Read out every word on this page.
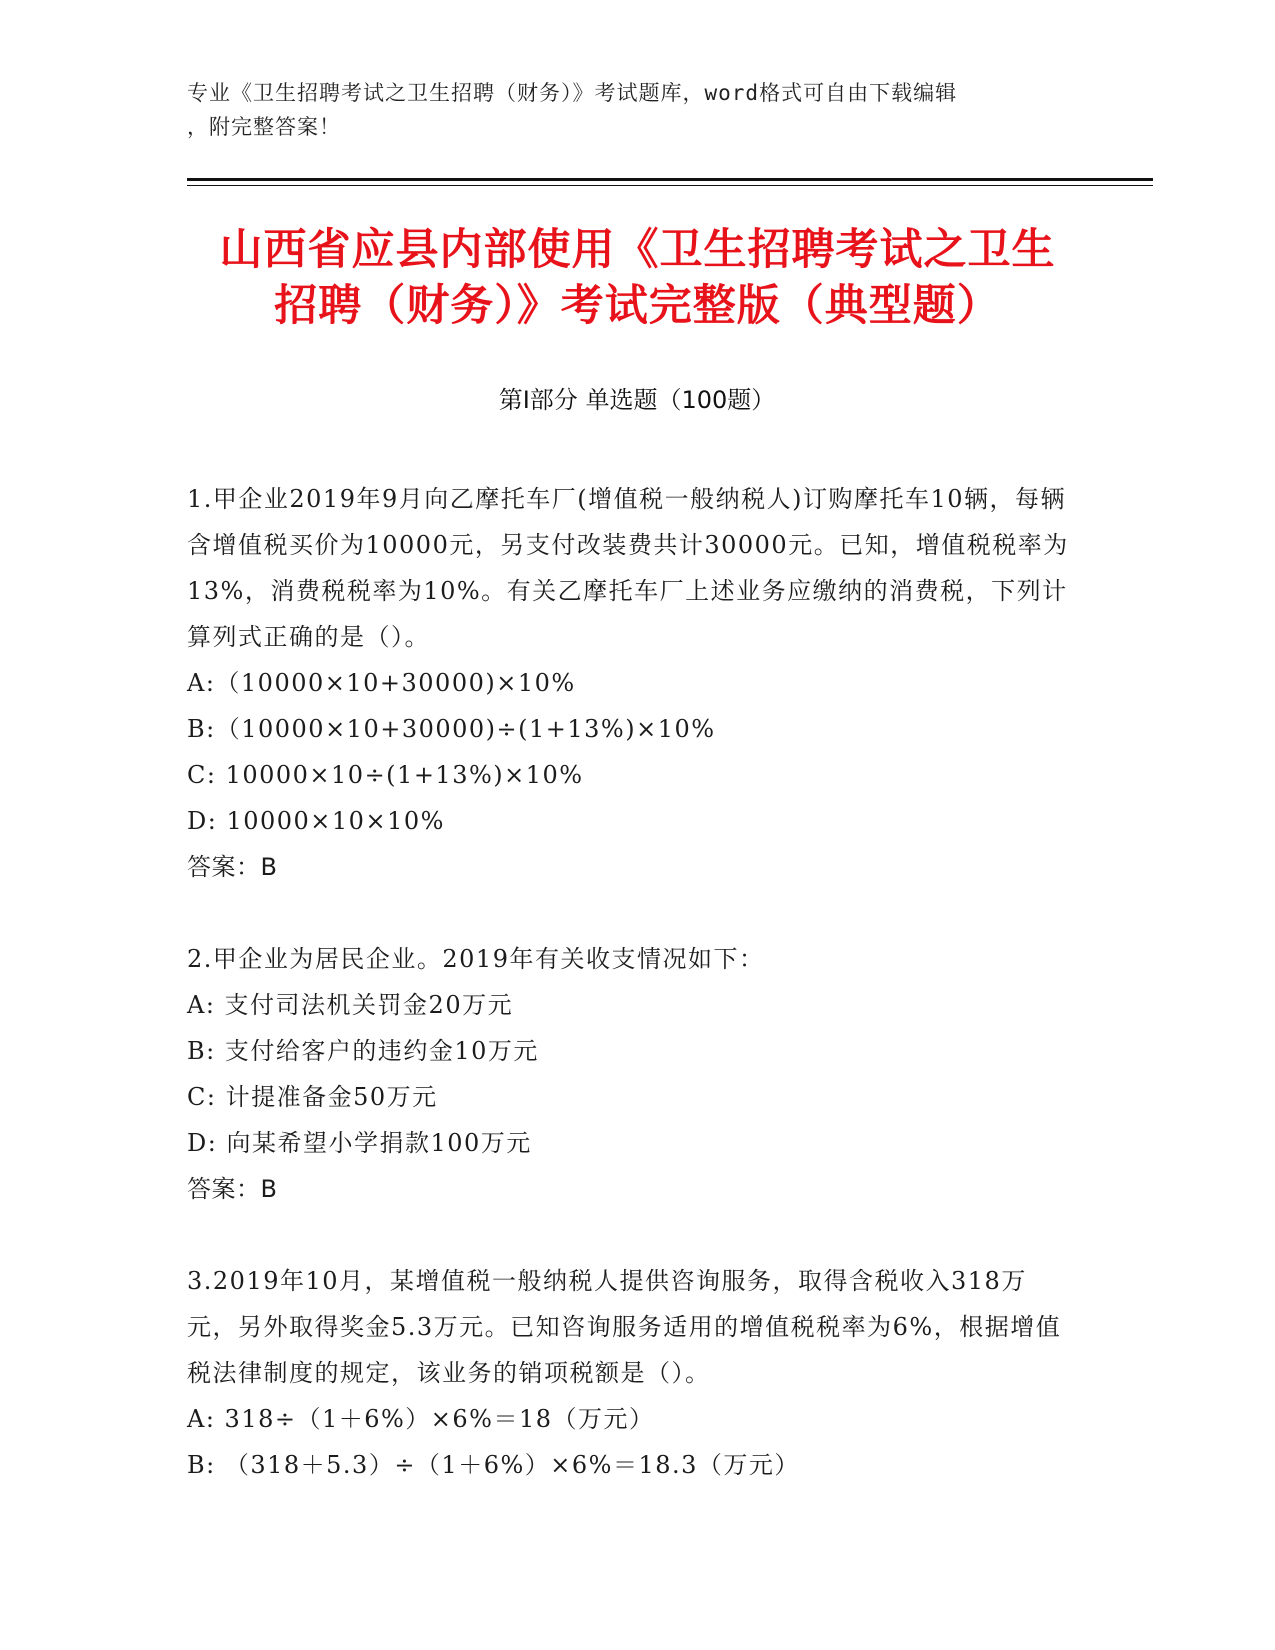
专业《卫生招聘考试之卫生招聘（财务）》考试题库，word格式可自由下载编辑
，附完整答案！
山西省应县内部使用《卫生招聘考试之卫生
招聘（财务）》考试完整版（典型题）
第Ⅰ部分 单选题（100题）

1.甲企业2019年9月向乙摩托车厂(增值税一般纳税人)订购摩托车10辆，每辆含增值税买价为10000元，另支付改装费共计30000元。已知，增值税税率为13%，消费税税率为10%。有关乙摩托车厂上述业务应缴纳的消费税，下列计算列式正确的是（）。

A:（10000×10+30000)×10%

B:（10000×10+30000)÷(1+13%)×10%

C: 10000×10÷(1+13%)×10%

D: 10000×10×10%

答案：B

2.甲企业为居民企业。2019年有关收支情况如下：

A: 支付司法机关罚金20万元

B: 支付给客户的违约金10万元

C: 计提准备金50万元

D: 向某希望小学捐款100万元

答案：B

3.2019年10月，某增值税一般纳税人提供咨询服务，取得含税收入318万元，另外取得奖金5.3万元。已知咨询服务适用的增值税税率为6%，根据增值税法律制度的规定，该业务的销项税额是（）。

A: 318÷（1＋6%）×6%＝18（万元）

B: （318＋5.3）÷（1＋6%）×6%＝18.3（万元）
